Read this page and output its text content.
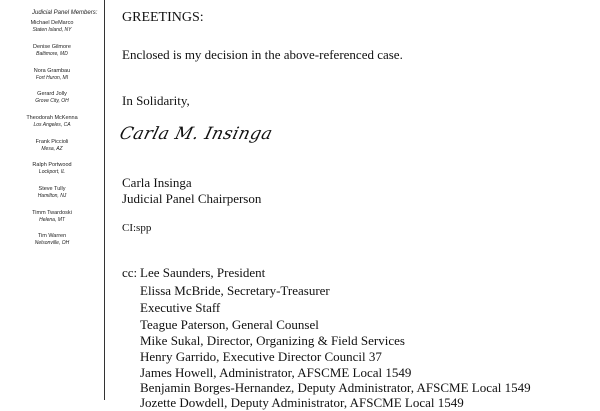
Judicial Panel Members:
Michael DeMarco
Staten Island, NY
Denise Gilmore
Baltimore, MD
Nora Grambau
Fort Huron, MI
Gerard Jolly
Grove City, OH
Theodorah McKenna
Los Angeles, CA
Frank Piccioli
Mesa, AZ
Ralph Portwood
Lockport, IL
Steve Tully
Hamilton, NJ
Timm Twardoski
Helena, MT
Tim Warren
Nelsonville, OH
GREETINGS:
Enclosed is my decision in the above-referenced case.
In Solidarity,
Carla M. Insinga
Carla Insinga
Judicial Panel Chairperson
CI:spp
cc: Lee Saunders, President
Elissa McBride, Secretary-Treasurer
Executive Staff
Teague Paterson, General Counsel
Mike Sukal, Director, Organizing & Field Services
Henry Garrido, Executive Director Council 37
James Howell, Administrator, AFSCME Local 1549
Benjamin Borges-Hernandez, Deputy Administrator, AFSCME Local 1549
Jozette Dowdell, Deputy Administrator, AFSCME Local 1549
